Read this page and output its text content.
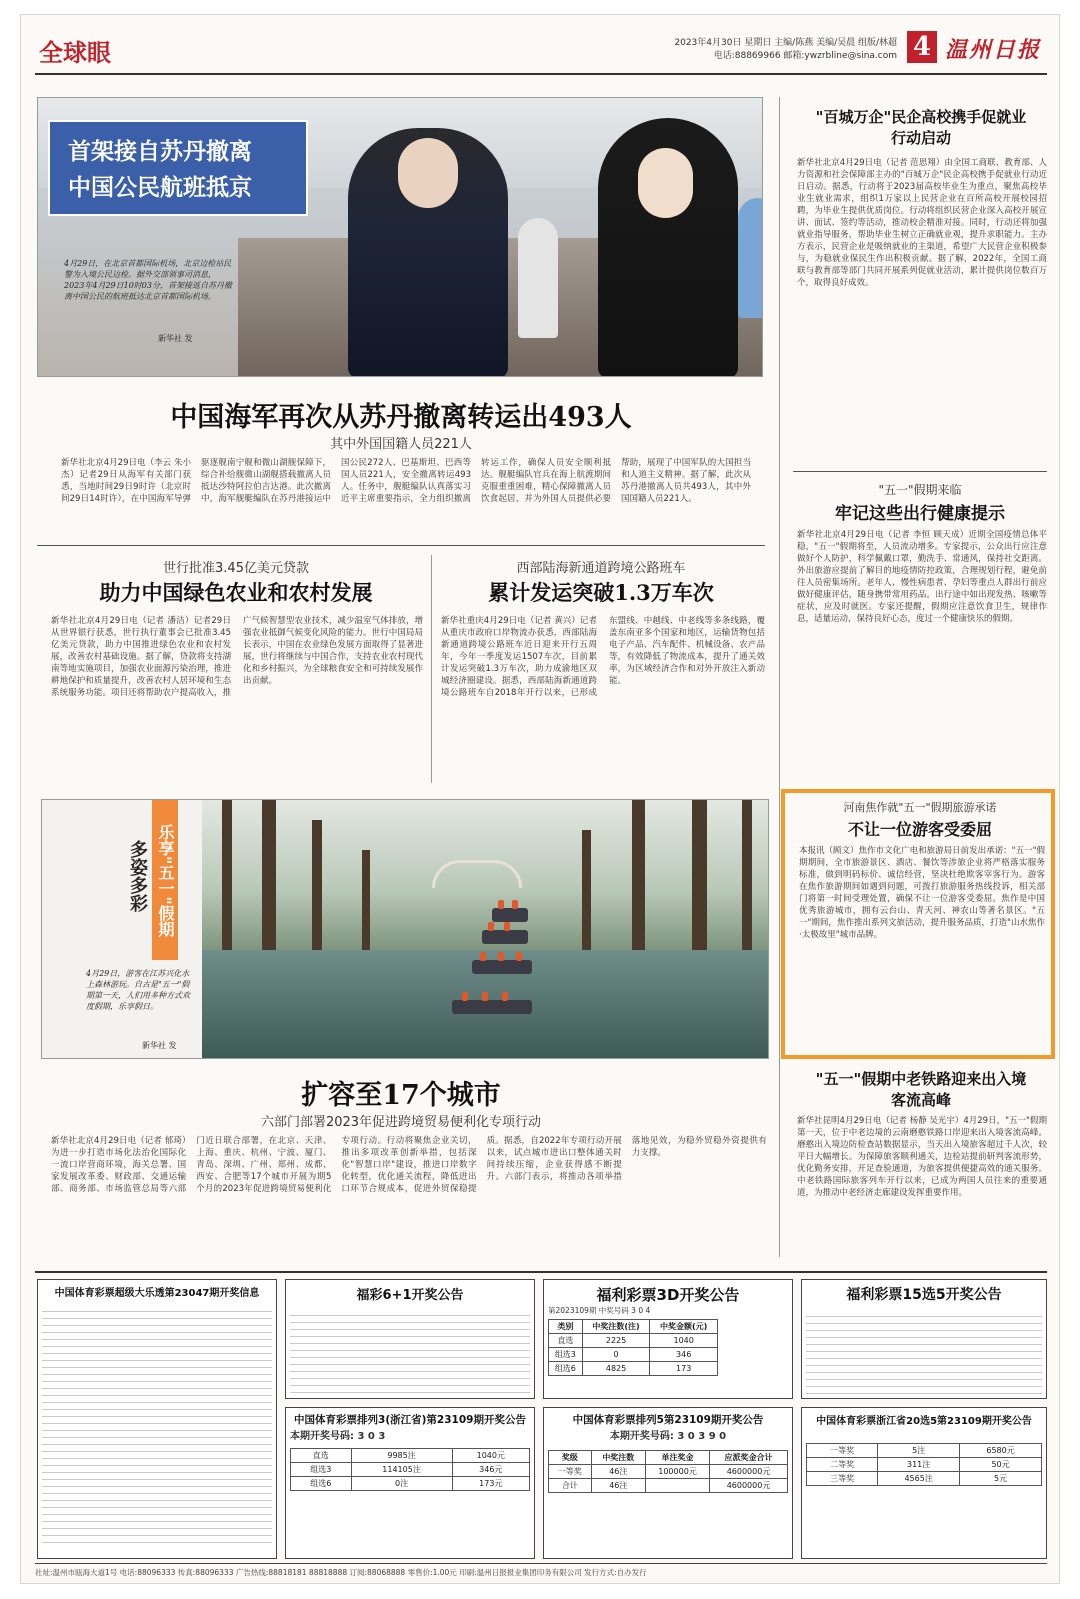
全球眼	2023年4月30日 星期日 主编/陈燕 美编/吴晨 组版/林超
电话:88869966 邮箱:ywzrbline@sina.com 4 温州日报
首架接自苏丹撤离
中国公民航班抵京
4月29日，在北京首都国际机场，北京边检站民警为入境公民边检。据外交部领事司消息，2023年4月29日10时03分，首架接返自苏丹撤离中国公民的航班抵达北京首都国际机场。
新华社 发
中国海军再次从苏丹撤离转运出493人
其中外国国籍人员221人
新华社北京4月29日电（李云 朱小杰）记者29日从海军有关部门获悉，当地时间29日9时许（北京时间29日14时许），在中国海军导弹驱逐舰南宁舰和微山湖舰保障下，综合补给舰微山湖舰搭载撤离人员抵达沙特阿拉伯吉达港。此次撤离中，海军舰艇编队在苏丹港接运中国公民272人、巴基斯坦、巴西等国人员221人，安全撤离转运493人。任务中，舰艇编队认真落实习近平主席重要指示，全力组织撤离转运工作，确保人员安全顺利抵达。舰艇编队官兵在海上航渡期间克服重重困难，精心保障撤离人员饮食起居，并为外国人员提供必要帮助，展现了中国军队的大国担当和人道主义精神。据了解，此次从苏丹港撤离人员共493人，其中外国国籍人员221人。
世行批准3.45亿美元贷款
助力中国绿色农业和农村发展
新华社北京4月29日电（记者 潘洁）记者29日从世界银行获悉，世行执行董事会已批准3.45亿美元贷款，助力中国推进绿色农业和农村发展，改善农村基础设施。据了解，贷款将支持湖南等地实施项目，加强农业面源污染治理，推进耕地保护和质量提升，改善农村人居环境和生态系统服务功能。项目还将帮助农户提高收入，推广气候智慧型农业技术，减少温室气体排放，增强农业抵御气候变化风险的能力。世行中国局局长表示，中国在农业绿色发展方面取得了显著进展，世行将继续与中国合作，支持农业农村现代化和乡村振兴，为全球粮食安全和可持续发展作出贡献。
西部陆海新通道跨境公路班车
累计发运突破1.3万车次
新华社重庆4月29日电（记者 黄兴）记者从重庆市政府口岸物流办获悉，西部陆海新通道跨境公路班车近日迎来开行五周年，今年一季度发运1507车次，目前累计发运突破1.3万车次，助力成渝地区双城经济圈建设。据悉，西部陆海新通道跨境公路班车自2018年开行以来，已形成东盟线、中越线、中老线等多条线路，覆盖东南亚多个国家和地区，运输货物包括电子产品、汽车配件、机械设备、农产品等，有效降低了物流成本，提升了通关效率，为区域经济合作和对外开放注入新动能。
乐享"五一"假期
多姿多彩
4月29日，游客在江苏兴化水上森林游玩。自古是"五一"假期第一天，人们用多种方式欢度假期，乐享假日。
新华社 发
扩容至17个城市
六部门部署2023年促进跨境贸易便利化专项行动
新华社北京4月29日电（记者 郁琦）为进一步打造市场化法治化国际化一流口岸营商环境，海关总署、国家发展改革委、财政部、交通运输部、商务部、市场监管总局等六部门近日联合部署，在北京、天津、上海、重庆、杭州、宁波、厦门、青岛、深圳、广州、郑州、成都、西安、合肥等17个城市开展为期5个月的2023年促进跨境贸易便利化专项行动。行动将聚焦企业关切，推出多项改革创新举措，包括深化"智慧口岸"建设，推进口岸数字化转型，优化通关流程，降低进出口环节合规成本，促进外贸保稳提质。据悉，自2022年专项行动开展以来，试点城市进出口整体通关时间持续压缩，企业获得感不断提升。六部门表示，将推动各项举措落地见效，为稳外贸稳外资提供有力支撑。
"百城万企"民企高校携手促就业行动启动
新华社北京4月29日电（记者 范思翔）由全国工商联、教育部、人力资源和社会保障部主办的"百城万企"民企高校携手促就业行动近日启动。据悉，行动将于2023届高校毕业生为重点，聚焦高校毕业生就业需求，组织1万家以上民营企业在百所高校开展校园招聘，为毕业生提供优质岗位。行动将组织民营企业深入高校开展宣讲、面试、签约等活动，推动校企精准对接。同时，行动还将加强就业指导服务，帮助毕业生树立正确就业观，提升求职能力。主办方表示，民营企业是吸纳就业的主渠道，希望广大民营企业积极参与，为稳就业保民生作出积极贡献。据了解，2022年，全国工商联与教育部等部门共同开展系列促就业活动，累计提供岗位数百万个，取得良好成效。
"五一"假期来临
牢记这些出行健康提示
新华社北京4月29日电（记者 李恒 顾天成）近期全国疫情总体平稳，"五一"假期将至，人员流动增多。专家提示，公众出行应注意做好个人防护，科学佩戴口罩，勤洗手、常通风，保持社交距离。外出旅游应提前了解目的地疫情防控政策，合理规划行程，避免前往人员密集场所。老年人、慢性病患者、孕妇等重点人群出行前应做好健康评估，随身携带常用药品。出行途中如出现发热、咳嗽等症状，应及时就医。专家还提醒，假期应注意饮食卫生，规律作息，适量运动，保持良好心态，度过一个健康快乐的假期。
河南焦作就"五一"假期旅游承诺
不让一位游客受委屈
本报讯（顾文）焦作市文化广电和旅游局日前发出承诺："五一"假期期间，全市旅游景区、酒店、餐饮等涉旅企业将严格落实服务标准，做到明码标价、诚信经营，坚决杜绝欺客宰客行为。游客在焦作旅游期间如遇到问题，可拨打旅游服务热线投诉，相关部门将第一时间受理处置，确保不让一位游客受委屈。焦作是中国优秀旅游城市，拥有云台山、青天河、神农山等著名景区。"五一"期间，焦作推出系列文旅活动，提升服务品质，打造"山水焦作·太极故里"城市品牌。
"五一"假期中老铁路迎来出入境客流高峰
新华社昆明4月29日电（记者 杨静 吴光宇）4月29日，"五一"假期第一天，位于中老边境的云南磨憨铁路口岸迎来出入境客流高峰。磨憨出入境边防检查站数据显示，当天出入境旅客超过千人次，较平日大幅增长。为保障旅客顺利通关，边检站提前研判客流形势，优化勤务安排，开足查验通道，为旅客提供便捷高效的通关服务。中老铁路国际旅客列车开行以来，已成为两国人员往来的重要通道，为推动中老经济走廊建设发挥重要作用。
中国体育彩票超级大乐透第23047期开奖信息	福彩6+1开奖公告	福利彩票3D开奖公告
第2023109期 中奖号码 3 0 4
类别	中奖注数(注)	中奖金额(元)
直选	2225	1040
组选3	0	346
组选6	4825	173
福利彩票15选5开奖公告
中国体育彩票排列3(浙江省)第23109期开奖公告
本期开奖号码: 3 0 3
直选	9985注	1040元
组选3	114105注	346元
组选6	0注	173元
中国体育彩票排列5第23109期开奖公告
本期开奖号码: 3 0 3 9 0
奖级	中奖注数	单注奖金	应派奖金合计
一等奖	46注	100000元	4600000元
合计	46注		4600000元
中国体育彩票浙江省20选5第23109期开奖公告
一等奖	5注	6580元
二等奖	311注	50元
三等奖	4565注	5元
社址:温州市瓯海大道1号 电话:88096333 传真:88096333 广告热线:88818181 88818888 订阅:88068888 零售价:1.00元 印刷:温州日报报业集团印务有限公司 发行方式:自办发行
